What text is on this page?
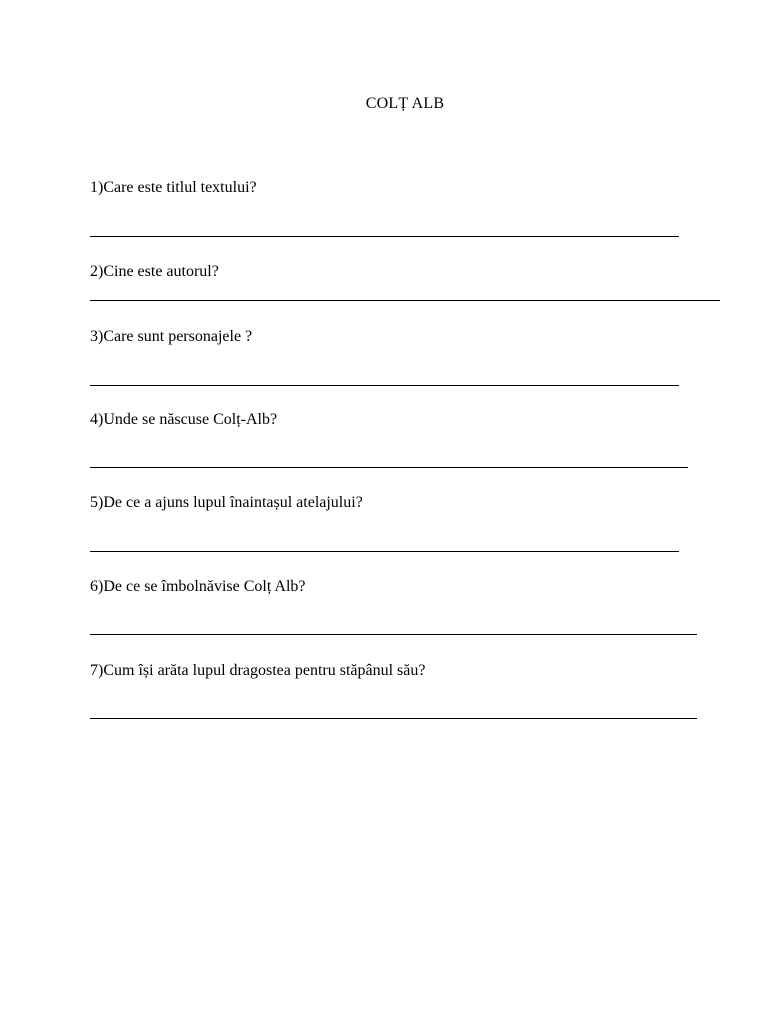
COLȚ ALB
1)Care este titlul textului?
2)Cine este autorul?
3)Care sunt personajele ?
4)Unde se născuse Colț-Alb?
5)De ce a ajuns lupul înaintașul atelajului?
6)De ce se îmbolnăvise Colț Alb?
7)Cum își arăta lupul dragostea pentru stăpânul său?
